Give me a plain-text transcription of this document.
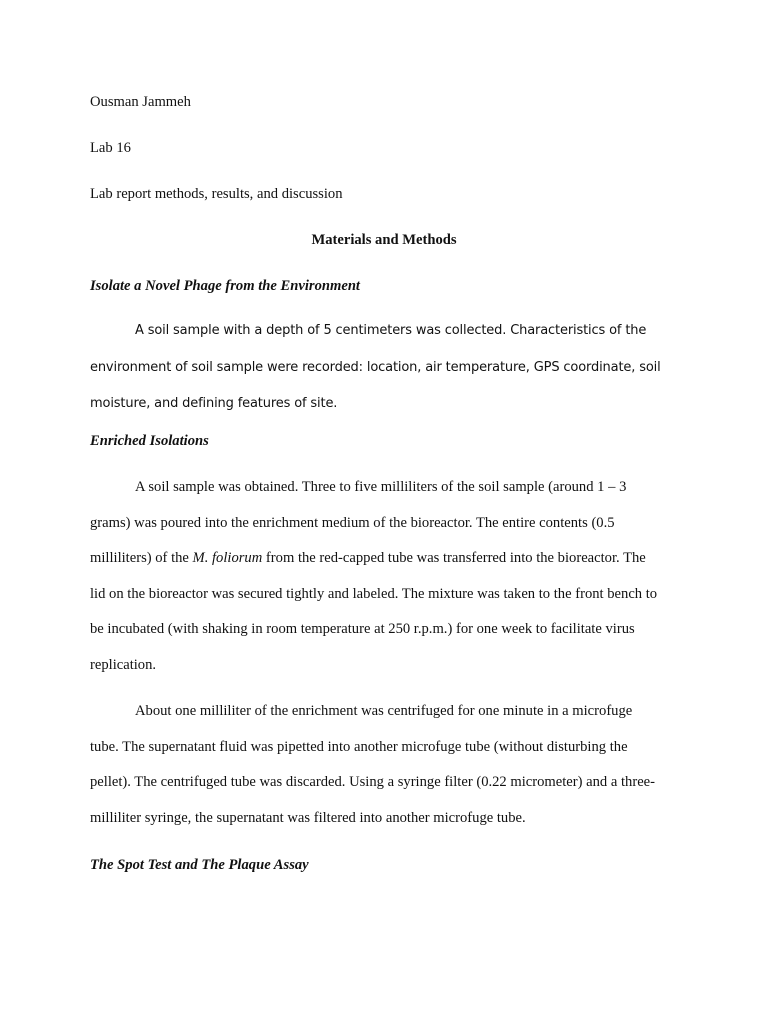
Ousman Jammeh

Lab 16

Lab report methods, results, and discussion

Materials and Methods

Isolate a Novel Phage from the Environment

A soil sample with a depth of 5 centimeters was collected. Characteristics of the
environment of soil sample were recorded: location, air temperature, GPS coordinate, soil
moisture, and defining features of site.

Enriched Isolations

A soil sample was obtained. Three to five milliliters of the soil sample (around 1 – 3
grams) was poured into the enrichment medium of the bioreactor. The entire contents (0.5
milliliters) of the M. foliorum from the red-capped tube was transferred into the bioreactor. The
lid on the bioreactor was secured tightly and labeled. The mixture was taken to the front bench to
be incubated (with shaking in room temperature at 250 r.p.m.) for one week to facilitate virus
replication.
About one milliliter of the enrichment was centrifuged for one minute in a microfuge
tube. The supernatant fluid was pipetted into another microfuge tube (without disturbing the
pellet). The centrifuged tube was discarded. Using a syringe filter (0.22 micrometer) and a three-
milliliter syringe, the supernatant was filtered into another microfuge tube.

The Spot Test and The Plaque Assay
